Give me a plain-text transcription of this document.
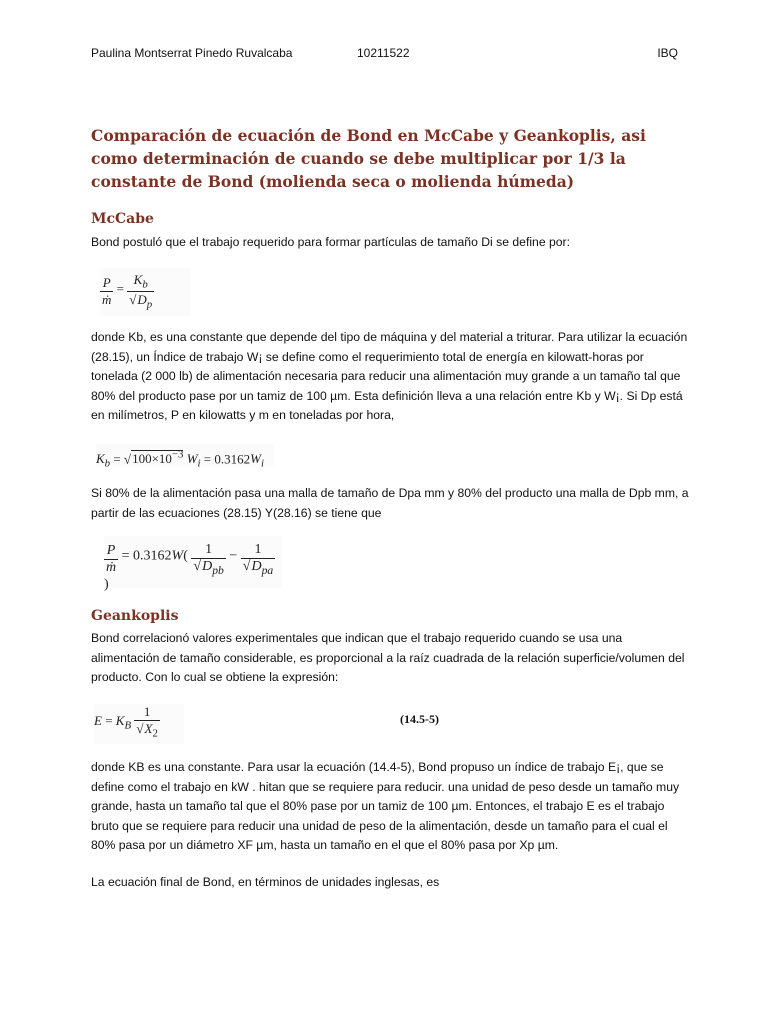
Paulina Montserrat Pinedo Ruvalcaba	10211522	IBQ
Comparación de ecuación de Bond en McCabe y Geankoplis, asi como determinación de cuando se debe multiplicar por 1/3 la constante de Bond (molienda seca o molienda húmeda)
McCabe

Bond postuló que el trabajo requerido para formar partículas de tamaño Di se define por:

$\frac{P}{\text{ṁ}} = \frac{K_b}{√D_p}$

donde Kb, es una constante que depende del tipo de máquina y del material a triturar. Para utilizar la ecuación (28.15), un Índice de trabajo W¡ se define como el requerimiento total de energía en kilowatt-horas por tonelada (2 000 lb) de alimentación necesaria para reducir una alimentación muy grande a un tamaño tal que 80% del producto pase por un tamiz de 100 µm. Esta definición lleva a una relación entre Kb y W¡. Si Dp está en milímetros, P en kilowatts y m en toneladas por hora,

$K_b = √100\times 10^{-3}$ $W_i = 0.3162W_i$

Si 80% de la alimentación pasa una malla de tamaño de Dpa mm y 80% del producto una malla de Dpb mm, a partir de las ecuaciones (28.15) Y(28.16) se tiene que

$\frac{P}{\text{ṁ}} = 0.3162W( \frac{1}{√D_{pb}} - \frac{1}{√D_{pa}}$
)
Geankoplis

Bond correlacionó valores experimentales que indican que el trabajo requerido cuando se usa una alimentación de tamaño considerable, es proporcional a la raíz cuadrada de la relación superficie/volumen del producto. Con lo cual se obtiene la expresión:

$E = K_B \frac{1}{√X_2}$	(14.5-5)

donde KB es una constante. Para usar la ecuación (14.4-5), Bond propuso un índice de trabajo E¡, que se define como el trabajo en kW . hitan que se requiere para reducir. una unidad de peso desde un tamaño muy grande, hasta un tamaño tal que el 80% pase por un tamiz de 100 µm. Entonces, el trabajo E es el trabajo bruto que se requiere para reducir una unidad de peso de la alimentación, desde un tamaño para el cual el 80% pasa por un diámetro XF µm, hasta un tamaño en el que el 80% pasa por Xp µm.

La ecuación final de Bond, en términos de unidades inglesas, es
